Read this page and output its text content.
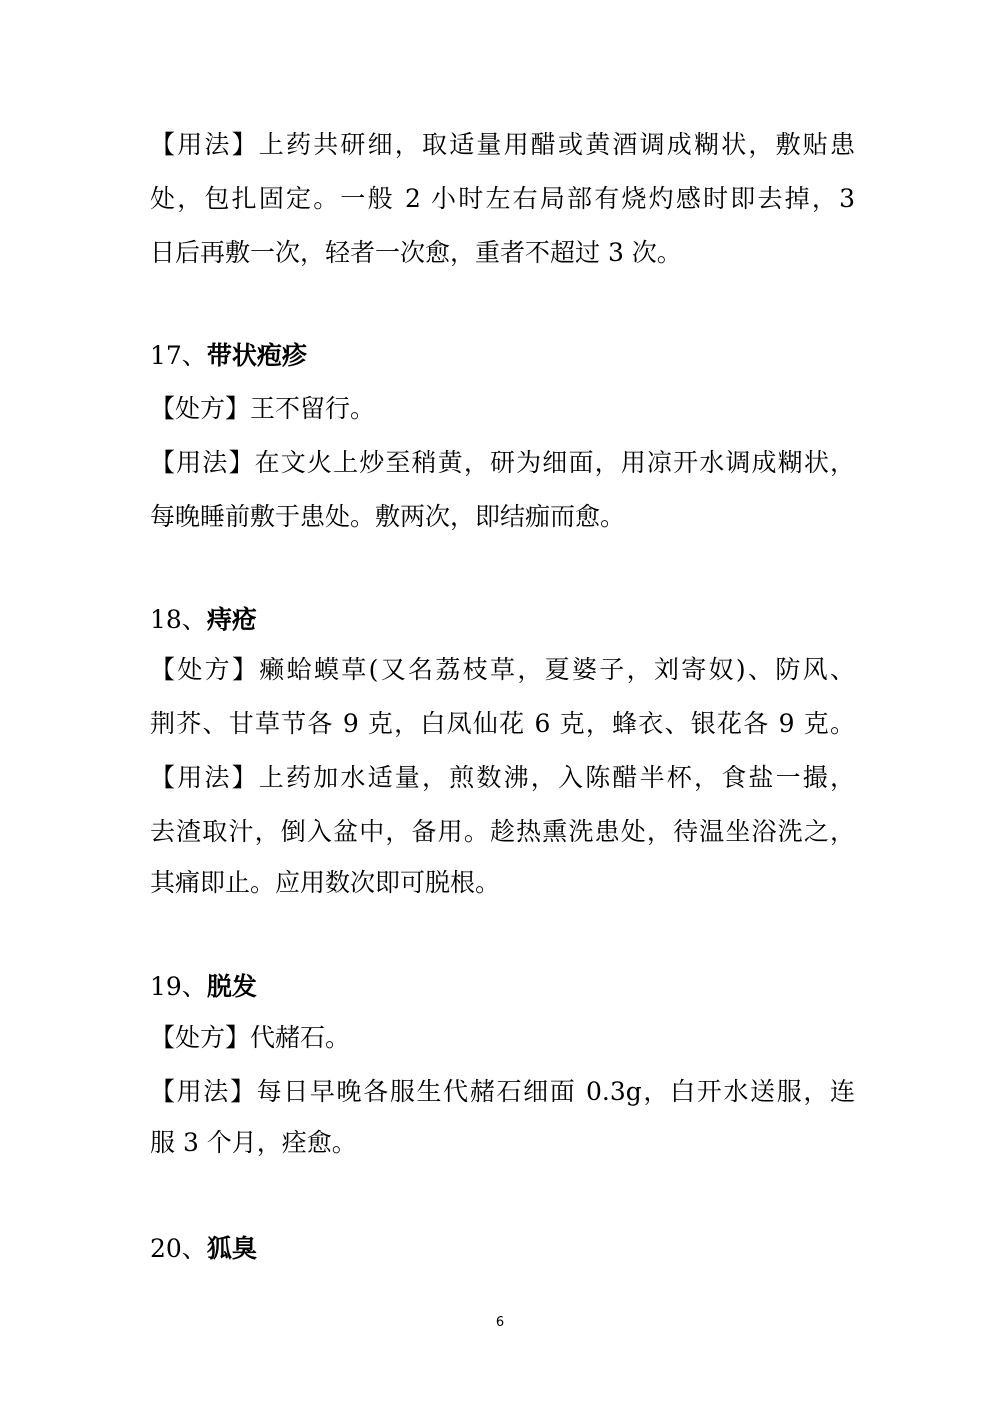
【用法】上药共研细，取适量用醋或黄酒调成糊状，敷贴患
处，包扎固定。一般 2 小时左右局部有烧灼感时即去掉，3
日后再敷一次，轻者一次愈，重者不超过 3 次。
17、带状疱疹
【处方】王不留行。
【用法】在文火上炒至稍黄，研为细面，用凉开水调成糊状，
每晚睡前敷于患处。敷两次，即结痂而愈。
18、痔疮
【处方】癞蛤蟆草(又名荔枝草，夏婆子，刘寄奴)、防风、
荆芥、甘草节各 9 克，白凤仙花 6 克，蜂衣、银花各 9 克。
【用法】上药加水适量，煎数沸，入陈醋半杯，食盐一撮，
去渣取汁，倒入盆中，备用。趁热熏洗患处，待温坐浴洗之，
其痛即止。应用数次即可脱根。
19、脱发
【处方】代赭石。
【用法】每日早晚各服生代赭石细面 0.3g，白开水送服，连
服 3 个月，痊愈。
20、狐臭
6
